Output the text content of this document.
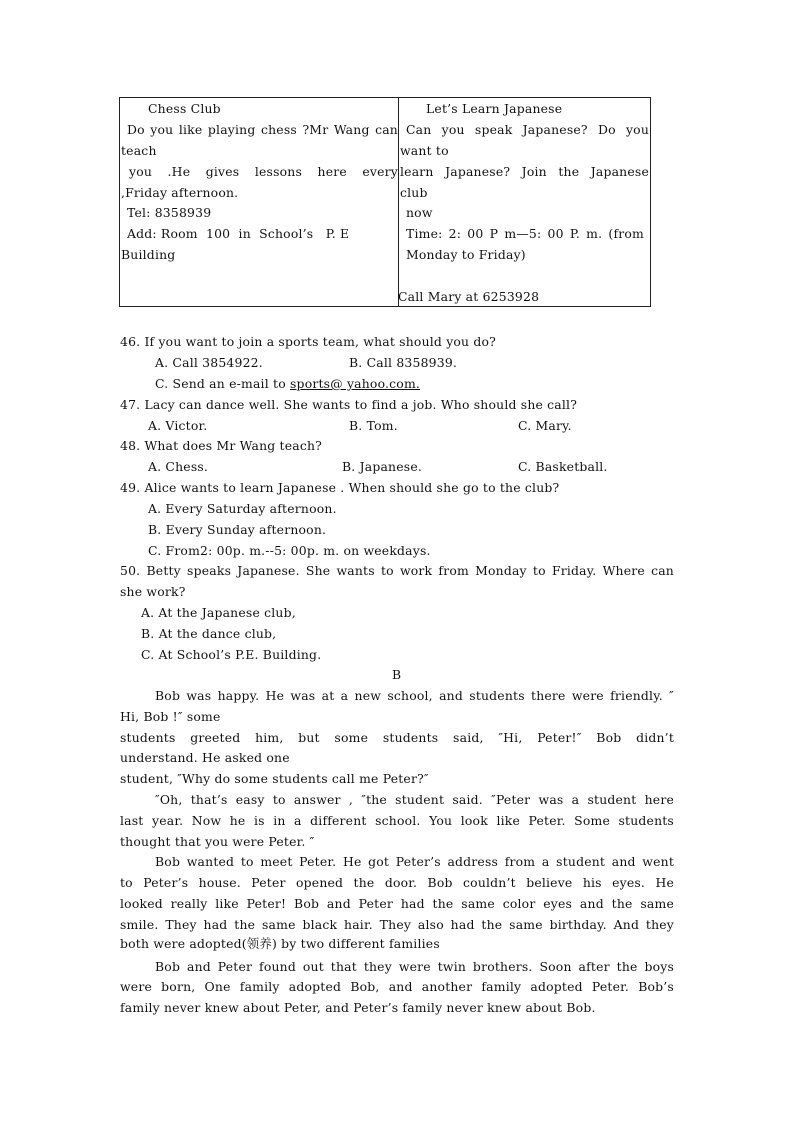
Chess Club
Do you like playing chess ?Mr Wang can
teach
you .He gives lessons here every
,Friday afternoon.
Tel: 8358939
Add: Room  100  in  School’s   P. E
Building
Let’s Learn Japanese
Can you speak Japanese? Do you
want to
learn Japanese? Join the Japanese
club
now
Time: 2: 00 P m—5: 00 P. m. (from
Monday to Friday)
Call Mary at 6253928
46. If you want to join a sports team, what should you do?
A. Call 3854922.	B. Call 8358939.
C. Send an e-mail to sports@ yahoo.com.
47. Lacy can dance well. She wants to find a job. Who should she call?
A. Victor.	B. Tom.	C. Mary.
48. What does Mr Wang teach?
A. Chess.	B. Japanese.	C. Basketball.
49. Alice wants to learn Japanese . When should she go to the club?
A. Every Saturday afternoon.
B. Every Sunday afternoon.
C. From2: 00p. m.--5: 00p. m. on weekdays.
50. Betty speaks Japanese. She wants to work from Monday to Friday. Where can
she work?
A. At the Japanese club,
B. At the dance club,
C. At School’s P.E. Building.
B
Bob was happy. He was at a new school, and students there were friendly. ″
Hi, Bob !″ some
students greeted him, but some students said, ″Hi, Peter!″ Bob didn’t
understand. He asked one
student, ″Why do some students call me Peter?″
″Oh, that’s easy to answer , ″the student said. ″Peter was a student here
last year. Now he is in a different school. You look like Peter. Some students
thought that you were Peter. ″
Bob wanted to meet Peter. He got Peter’s address from a student and went
to Peter’s house. Peter opened the door. Bob couldn’t believe his eyes. He
looked really like Peter! Bob and Peter had the same color eyes and the same
smile. They had the same black hair. They also had the same birthday. And they
both were adopted(领养) by two different families
Bob and Peter found out that they were twin brothers. Soon after the boys
were born, One family adopted Bob, and another family adopted Peter. Bob’s
family never knew about Peter, and Peter’s family never knew about Bob.
